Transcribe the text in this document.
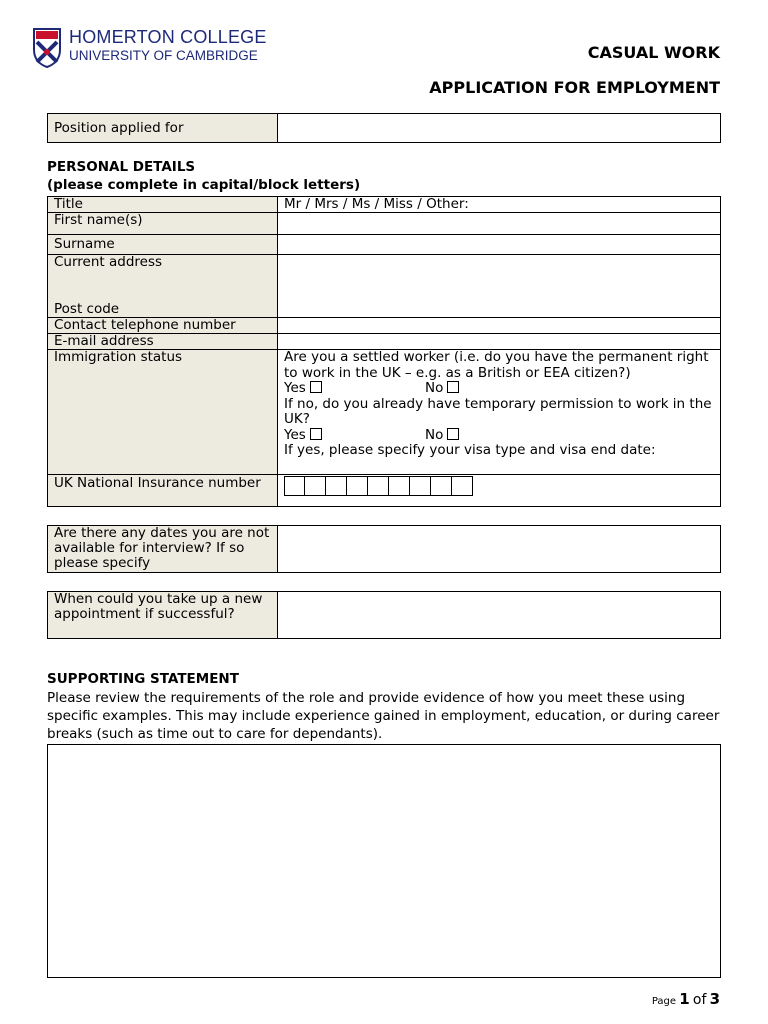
HOMERTON COLLEGE
UNIVERSITY OF CAMBRIDGE	CASUAL WORK
APPLICATION FOR EMPLOYMENT
Position applied for	
PERSONAL DETAILS
(please complete in capital/block letters)
Title	Mr / Mrs / Ms / Miss / Other:
First name(s)	
Surname	

Current address
Post code	

Contact telephone number	
E-mail address	
Immigration status	Are you a settled worker (i.e. do you have the permanent right to work in the UK – e.g. as a British or EEA citizen?)
Yes No
If no, do you already have temporary permission to work in the UK?
Yes No
If yes, please specify your visa type and visa end date:

UK National Insurance number	
Are there any dates you are not available for interview? If so please specify	
When could you take up a new appointment if successful?	
SUPPORTING STATEMENT
Please review the requirements of the role and provide evidence of how you meet these using specific examples. This may include experience gained in employment, education, or during career breaks (such as time out to care for dependants).
Page 1 of 3
